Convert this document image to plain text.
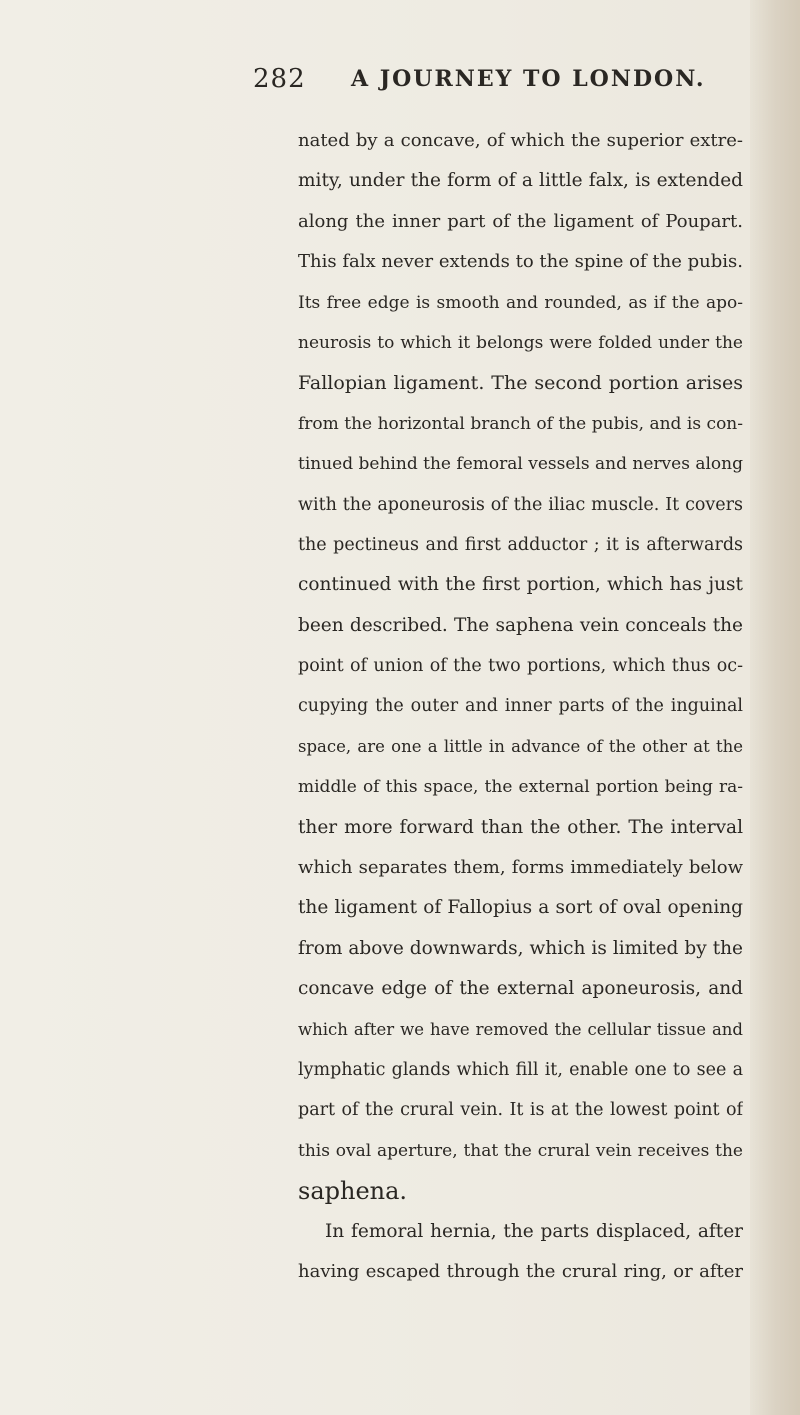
282 A JOURNEY TO LONDON.
nated by a concave, of which the superior extre-
mity, under the form of a little falx, is extended
along the inner part of the ligament of Poupart.
This falx never extends to the spine of the pubis.
Its free edge is smooth and rounded, as if the apo-
neurosis to which it belongs were folded under the
Fallopian ligament. The second portion arises
from the horizontal branch of the pubis, and is con-
tinued behind the femoral vessels and nerves along
with the aponeurosis of the iliac muscle. It covers
the pectineus and first adductor ; it is afterwards
continued with the first portion, which has just
been described. The saphena vein conceals the
point of union of the two portions, which thus oc-
cupying the outer and inner parts of the inguinal
space, are one a little in advance of the other at the
middle of this space, the external portion being ra-
ther more forward than the other. The interval
which separates them, forms immediately below
the ligament of Fallopius a sort of oval opening
from above downwards, which is limited by the
concave edge of the external aponeurosis, and
which after we have removed the cellular tissue and
lymphatic glands which fill it, enable one to see a
part of the crural vein. It is at the lowest point of
this oval aperture, that the crural vein receives the
saphena.
In femoral hernia, the parts displaced, after
having escaped through the crural ring, or after
